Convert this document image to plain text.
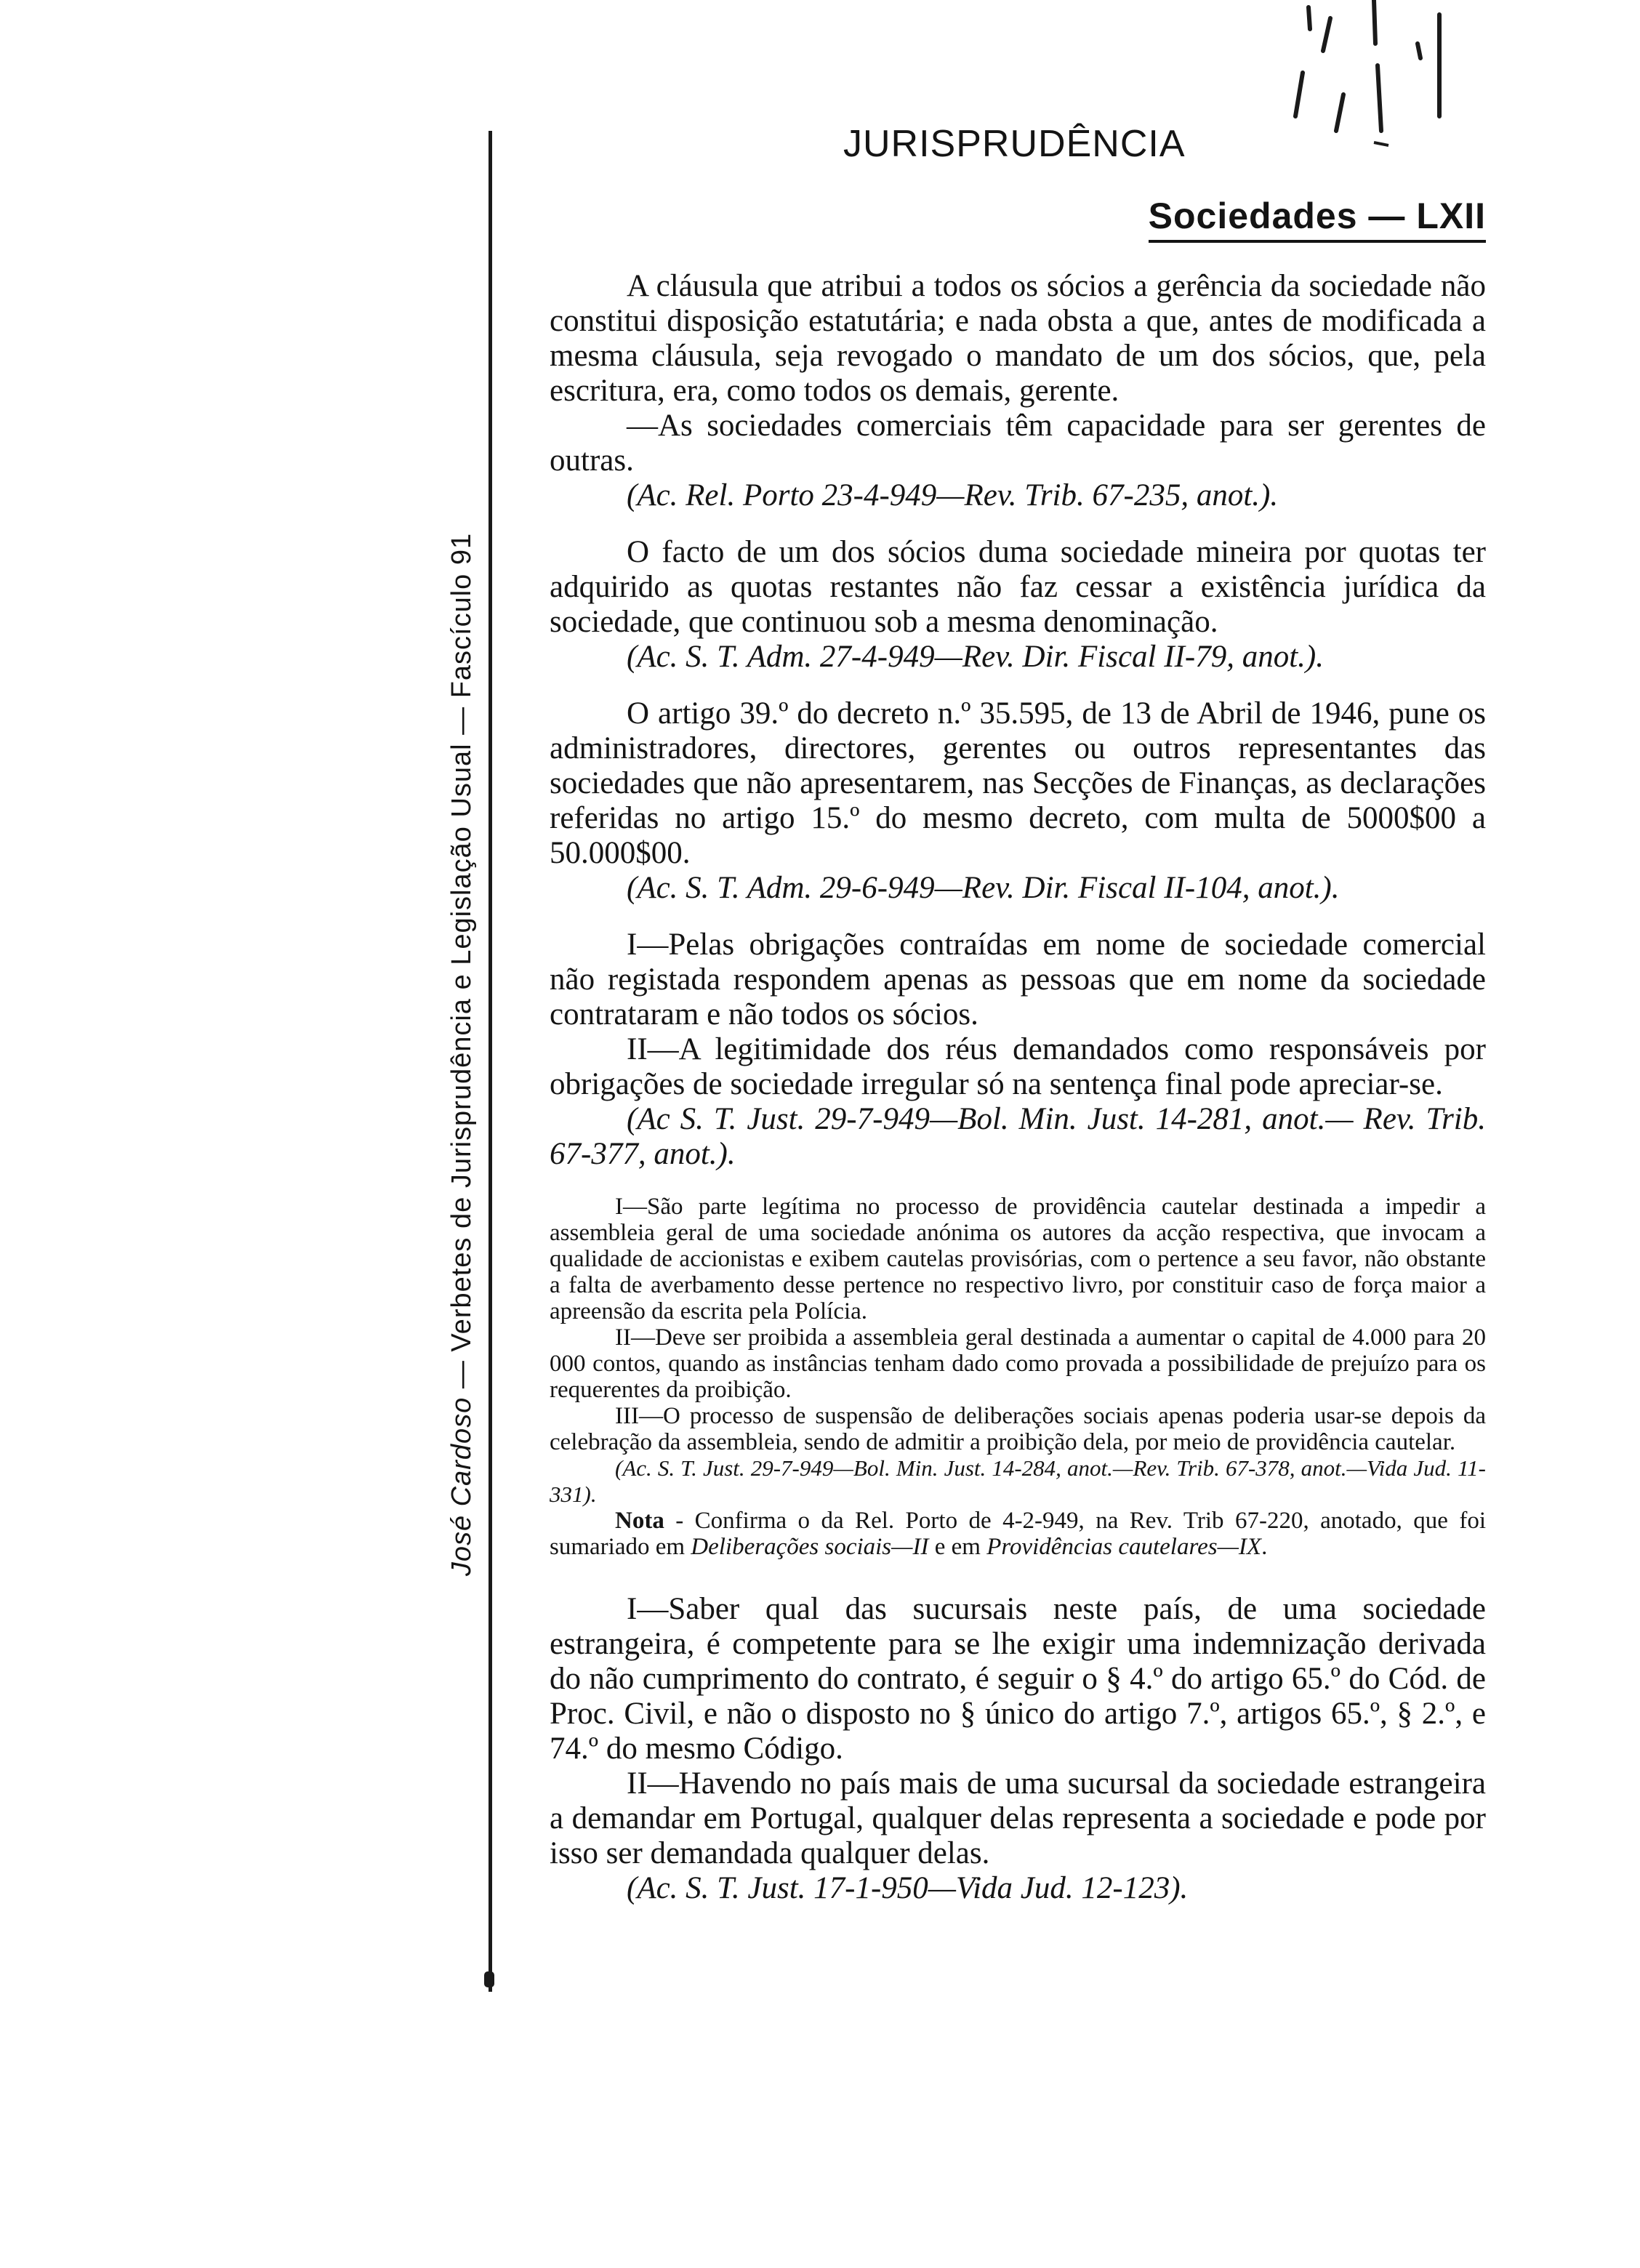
José Cardoso — Verbetes de Jurisprudência e Legislação Usual — Fascículo 91
JURISPRUDÊNCIA
Sociedades — LXII

A cláusula que atribui a todos os sócios a gerência da sociedade não constitui disposição estatutária; e nada obsta a que, antes de modificada a mesma cláusula, seja revogado o mandato de um dos sócios, que, pela escritura, era, como todos os demais, gerente.

—As sociedades comerciais têm capacidade para ser gerentes de outras.

(Ac. Rel. Porto 23-4-949—Rev. Trib. 67-235, anot.).

O facto de um dos sócios duma sociedade mineira por quotas ter adquirido as quotas restantes não faz cessar a existência jurídica da sociedade, que continuou sob a mesma denominação.

(Ac. S. T. Adm. 27-4-949—Rev. Dir. Fiscal II-79, anot.).

O artigo 39.º do decreto n.º 35.595, de 13 de Abril de 1946, pune os administradores, directores, gerentes ou outros representantes das sociedades que não apresentarem, nas Secções de Finanças, as declarações referidas no artigo 15.º do mesmo decreto, com multa de 5000$00 a 50.000$00.

(Ac. S. T. Adm. 29-6-949—Rev. Dir. Fiscal II-104, anot.).

I—Pelas obrigações contraídas em nome de sociedade comercial não registada respondem apenas as pessoas que em nome da sociedade contrataram e não todos os sócios.

II—A legitimidade dos réus demandados como responsáveis por obrigações de sociedade irregular só na sentença final pode apreciar-se.

(Ac S. T. Just. 29-7-949—Bol. Min. Just. 14-281, anot.— Rev. Trib. 67-377, anot.).

I—São parte legítima no processo de providência cautelar destinada a impedir a assembleia geral de uma sociedade anónima os autores da acção respectiva, que invocam a qualidade de accionistas e exibem cautelas provisórias, com o pertence a seu favor, não obstante a falta de averbamento desse pertence no respectivo livro, por constituir caso de força maior a apreensão da escrita pela Polícia.

II—Deve ser proibida a assembleia geral destinada a aumentar o capital de 4.000 para 20 000 contos, quando as instâncias tenham dado como provada a possibilidade de prejuízo para os requerentes da proibição.

III—O processo de suspensão de deliberações sociais apenas poderia usar-se depois da celebração da assembleia, sendo de admitir a proibição dela, por meio de providência cautelar.

(Ac. S. T. Just. 29-7-949—Bol. Min. Just. 14-284, anot.—Rev. Trib. 67-378, anot.—Vida Jud. 11-331).

Nota - Confirma o da Rel. Porto de 4-2-949, na Rev. Trib 67-220, anotado, que foi sumariado em Deliberações sociais—II e em Providências cautelares—IX.

I—Saber qual das sucursais neste país, de uma sociedade estrangeira, é competente para se lhe exigir uma indemnização derivada do não cumprimento do contrato, é seguir o § 4.º do artigo 65.º do Cód. de Proc. Civil, e não o disposto no § único do artigo 7.º, artigos 65.º, § 2.º, e 74.º do mesmo Código.

II—Havendo no país mais de uma sucursal da sociedade estrangeira a demandar em Portugal, qualquer delas representa a sociedade e pode por isso ser demandada qualquer delas.

(Ac. S. T. Just. 17-1-950—Vida Jud. 12-123).
